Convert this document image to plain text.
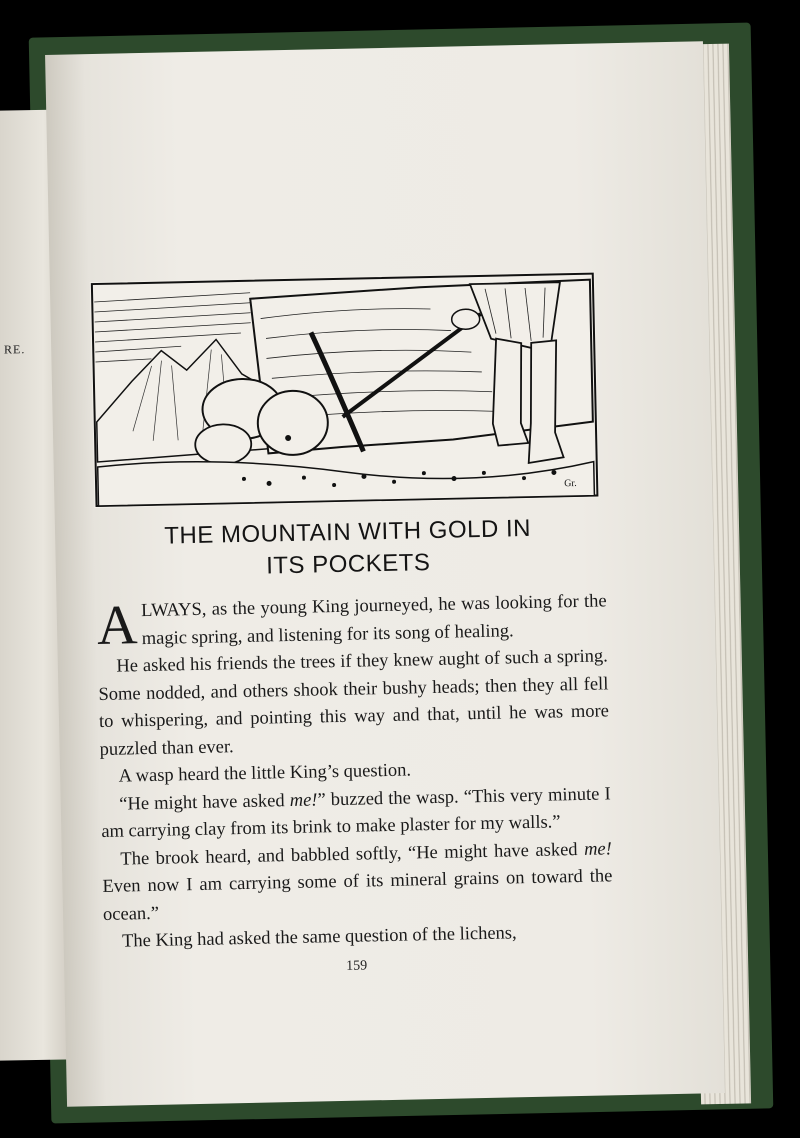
RE.
Gr.
THE MOUNTAIN WITH GOLD IN
ITS POCKETS

ALWAYS, as the young King journeyed, he was looking for the magic spring, and listening for its song of healing.

He asked his friends the trees if they knew aught of such a spring. Some nodded, and others shook their bushy heads; then they all fell to whispering, and pointing this way and that, until he was more puzzled than ever.

A wasp heard the little King’s question.

“He might have asked me!” buzzed the wasp. “This very minute I am carrying clay from its brink to make plaster for my walls.”

The brook heard, and babbled softly, “He might have asked me! Even now I am carrying some of its mineral grains on toward the ocean.”

The King had asked the same question of the lichens,

159
